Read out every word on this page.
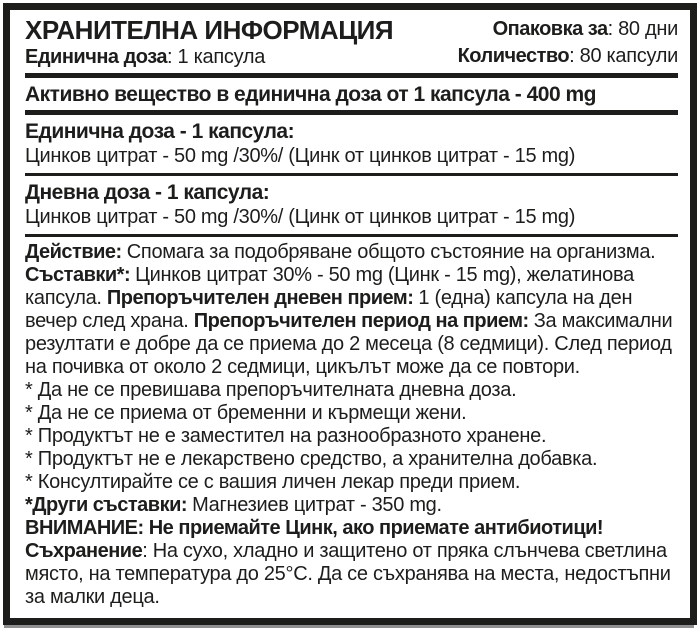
ХРАНИТЕЛНА ИНФОРМАЦИЯ
Единична доза: 1 капсула
Опаковка за: 80 дни
Количество: 80 капсули
Активно вещество в единична доза от 1 капсула - 400 mg
Единична доза - 1 капсула:
Цинков цитрат - 50 mg /30%/ (Цинк от цинков цитрат - 15 mg)
Дневна доза - 1 капсула:
Цинков цитрат - 50 mg /30%/ (Цинк от цинков цитрат - 15 mg)

Действие: Спомага за подобряване общото състояние на организма. Съставки*: Цинков цитрат 30% - 50 mg (Цинк - 15 mg), желатинова капсула. Препоръчителен дневен прием: 1 (една) капсула на ден вечер след храна. Препоръчителен период на прием: За максимални резултати е добре да се приема до 2 месеца (8 седмици). След период на почивка от около 2 седмици, цикълът може да се повтори.

* Да не се превишава препоръчителната дневна доза.
* Да не се приема от бременни и кърмещи жени.
* Продуктът не е заместител на разнообразното хранене.
* Продуктът не е лекарствено средство, а хранителна добавка.
* Консултирайте се с вашия личен лекар преди прием.

*Други съставки: Магнезиев цитрат - 350 mg.

ВНИМАНИЕ: Не приемайте Цинк, ако приемате антибиотици!

Съхранение: На сухо, хладно и защитено от пряка слънчева светлина място, на температура до 25°C. Да се съхранява на места, недостъпни за малки деца.
